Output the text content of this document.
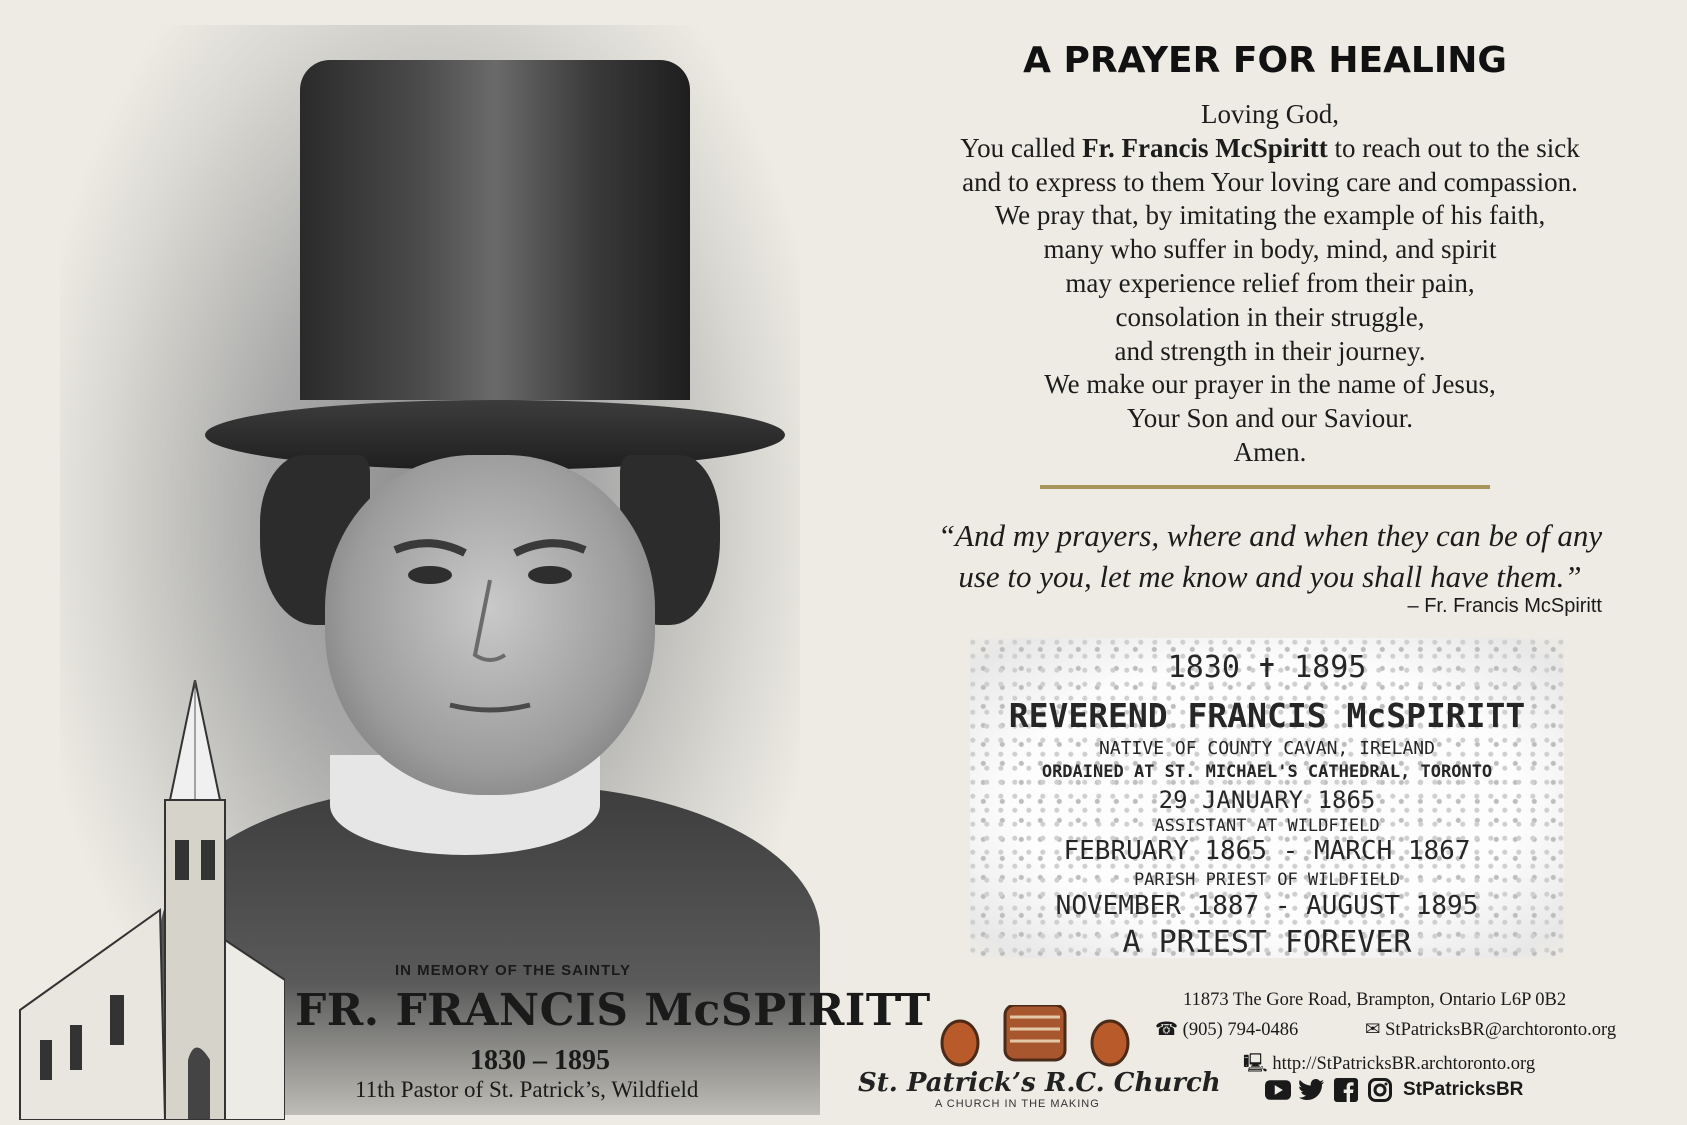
IN MEMORY OF THE SAINTLY
FR. FRANCIS McSPIRITT
1830 – 1895
11th Pastor of St. Patrick’s, Wildfield
A PRAYER FOR HEALING
Loving God,
You called Fr. Francis McSpiritt to reach out to the sick
and to express to them Your loving care and compassion.
We pray that, by imitating the example of his faith,
many who suffer in body, mind, and spirit
may experience relief from their pain,
consolation in their struggle,
and strength in their journey.
We make our prayer in the name of Jesus,
Your Son and our Saviour.
Amen.
“And my prayers, where and when they can be of any
use to you, let me know and you shall have them.”
– Fr. Francis McSpiritt
1830 ✝ 1895
REVEREND FRANCIS McSPIRITT
NATIVE OF COUNTY CAVAN, IRELAND
ORDAINED AT ST. MICHAEL'S CATHEDRAL, TORONTO
29 JANUARY 1865
ASSISTANT AT WILDFIELD
FEBRUARY 1865 - MARCH 1867
PARISH PRIEST OF WILDFIELD
NOVEMBER 1887 - AUGUST 1895
A PRIEST FOREVER
St. Patrick’s R.C. Church
A CHURCH IN THE MAKING
11873 The Gore Road, Brampton, Ontario L6P 0B2
☎ (905) 794-0486	✉ StPatricksBR@archtoronto.org
🖳 http://StPatricksBR.archtoronto.org
StPatricksBR
